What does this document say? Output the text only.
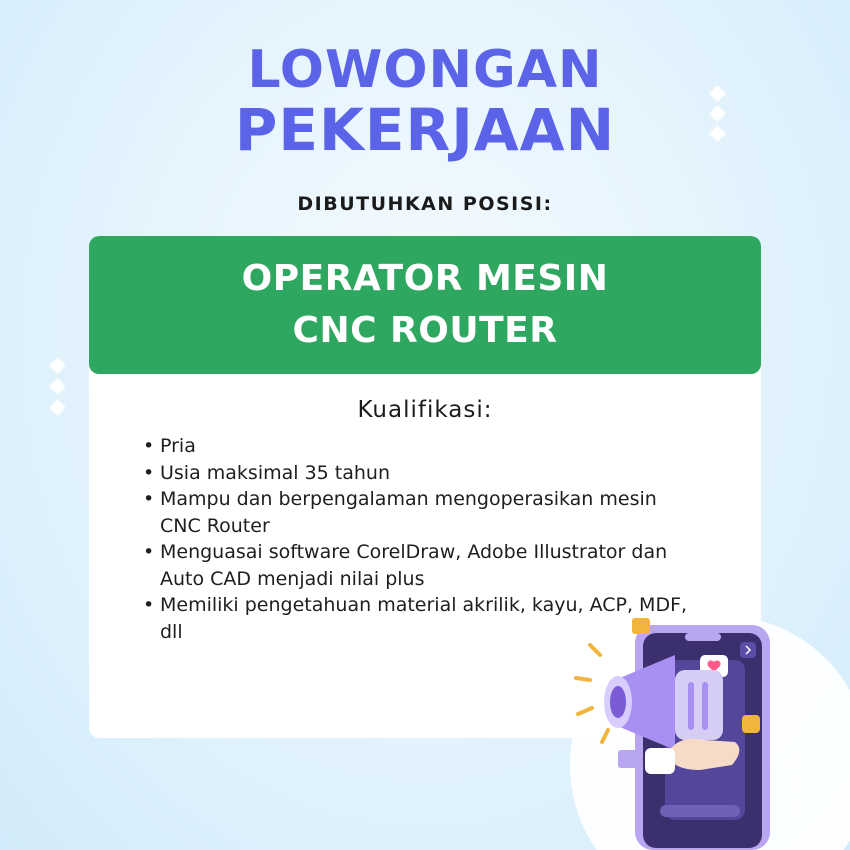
LOWONGAN
PEKERJAAN
DIBUTUHKAN POSISI:
OPERATOR MESIN
CNC ROUTER
Kualifikasi:
• Pria
• Usia maksimal 35 tahun
• Mampu dan berpengalaman mengoperasikan mesin CNC Router
• Menguasai software CorelDraw, Adobe Illustrator dan Auto CAD menjadi nilai plus
• Memiliki pengetahuan material akrilik, kayu, ACP, MDF, dll
